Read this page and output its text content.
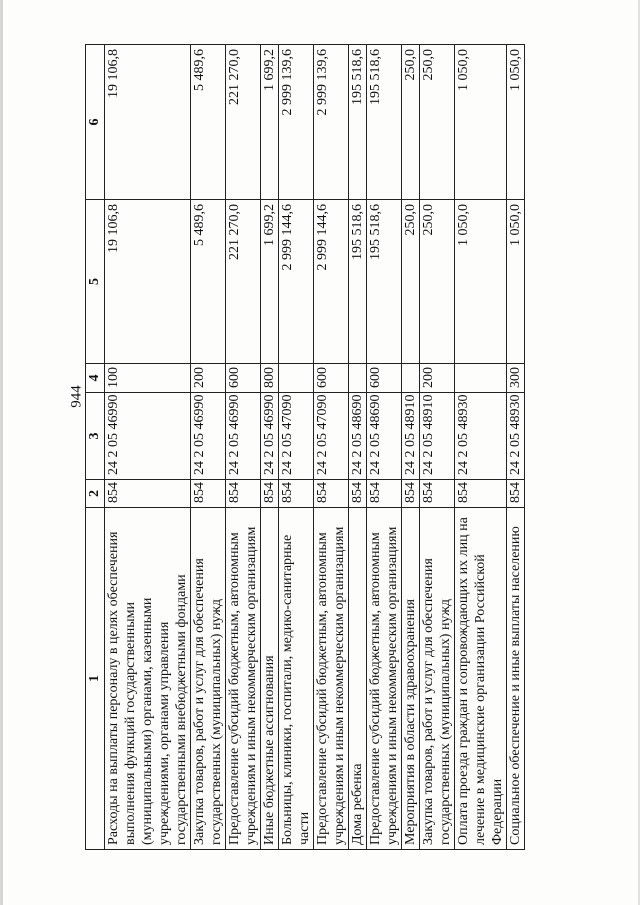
944
1	2	3	4	5	6
Расходы на выплаты персоналу в целях обеспечения выполнения функций государственными (муниципальными) органами, казенными учреждениями, органами управления государственными внебюджетными фондами	854	24 2 05 46990	100	19 106,8	19 106,8
Закупка товаров, работ и услуг для обеспечения государственных (муниципальных) нужд	854	24 2 05 46990	200	5 489,6	5 489,6
Предоставление субсидий бюджетным, автономным учреждениям и иным некоммерческим организациям	854	24 2 05 46990	600	221 270,0	221 270,0
Иные бюджетные ассигнования	854	24 2 05 46990	800	1 699,2	1 699,2
Больницы, клиники, госпитали, медико-санитарные части	854	24 2 05 47090		2 999 144,6	2 999 139,6
Предоставление субсидий бюджетным, автономным учреждениям и иным некоммерческим организациям	854	24 2 05 47090	600	2 999 144,6	2 999 139,6
Дома ребенка	854	24 2 05 48690		195 518,6	195 518,6
Предоставление субсидий бюджетным, автономным учреждениям и иным некоммерческим организациям	854	24 2 05 48690	600	195 518,6	195 518,6
Мероприятия в области здравоохранения	854	24 2 05 48910		250,0	250,0
Закупка товаров, работ и услуг для обеспечения государственных (муниципальных) нужд	854	24 2 05 48910	200	250,0	250,0
Оплата проезда граждан и сопровождающих их лиц на лечение в медицинские организации Российской Федерации	854	24 2 05 48930		1 050,0	1 050,0
Социальное обеспечение и иные выплаты населению	854	24 2 05 48930	300	1 050,0	1 050,0
